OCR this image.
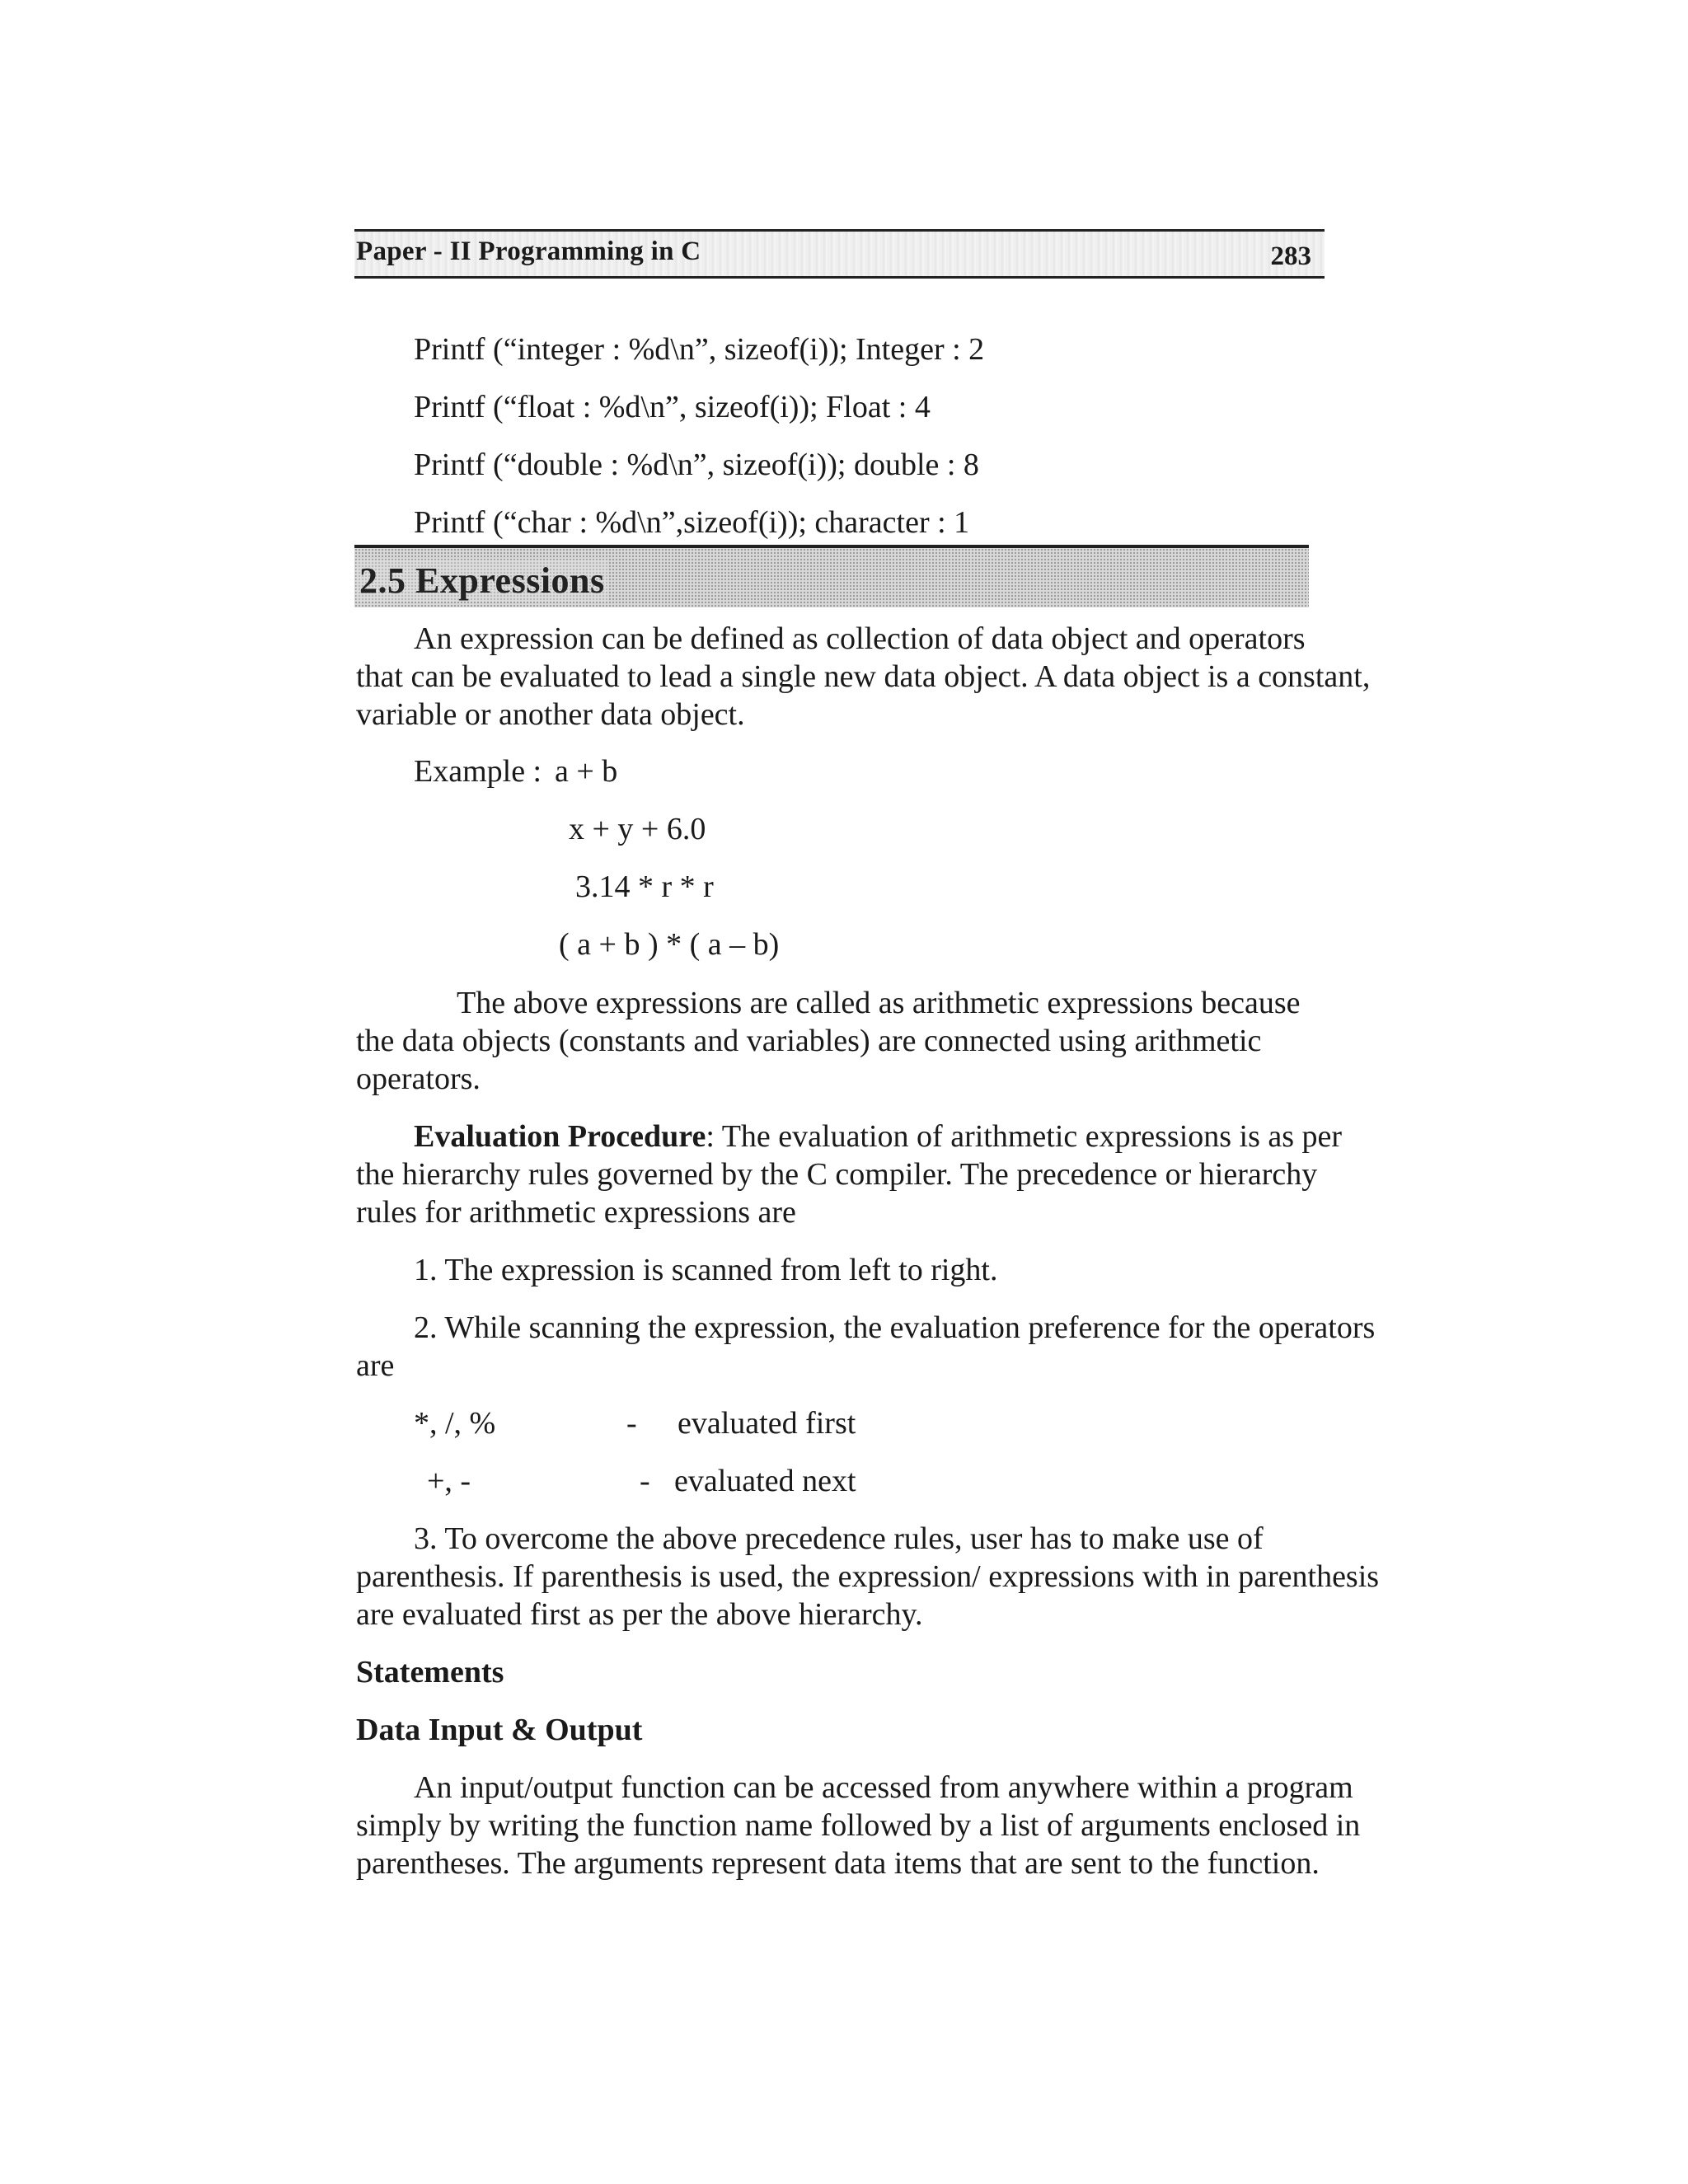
Paper - II Programming in C	283
Printf (“integer : %d\n”, sizeof(i)); Integer : 2
Printf (“float : %d\n”, sizeof(i)); Float : 4
Printf (“double : %d\n”, sizeof(i)); double : 8
Printf (“char : %d\n”,sizeof(i)); character : 1
2.5 Expressions
An expression can be defined as collection of data object and operators
that can be evaluated to lead a single new data object. A data object is a constant,
variable or another data object.
Example : a + b
x + y + 6.0
3.14 * r * r
( a + b ) * ( a – b)
The above expressions are called as arithmetic expressions because
the data objects (constants and variables) are connected using arithmetic
operators.
Evaluation Procedure: The evaluation of arithmetic expressions is as per
the hierarchy rules governed by the C compiler. The precedence or hierarchy
rules for arithmetic expressions are
1. The expression is scanned from left to right.
2. While scanning the expression, the evaluation preference for the operators
are
*, /, %	- evaluated first
+, -	- evaluated next
3. To overcome the above precedence rules, user has to make use of
parenthesis. If parenthesis is used, the expression/ expressions with in parenthesis
are evaluated first as per the above hierarchy.
Statements
Data Input & Output
An input/output function can be accessed from anywhere within a program
simply by writing the function name followed by a list of arguments enclosed in
parentheses. The arguments represent data items that are sent to the function.
